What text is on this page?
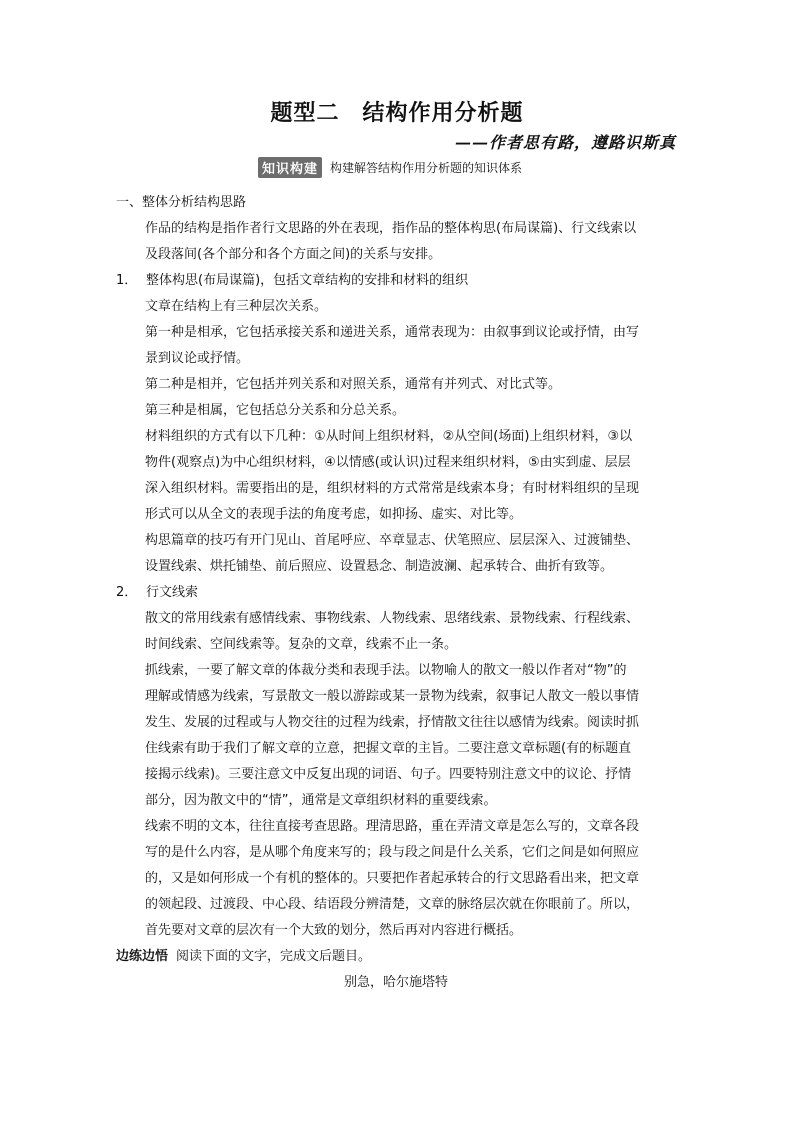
题型二　结构作用分析题
——作者思有路，遵路识斯真
知识构建	构建解答结构作用分析题的知识体系

一、整体分析结构思路

作品的结构是指作者行文思路的外在表现，指作品的整体构思(布局谋篇)、行文线索以

及段落间(各个部分和各个方面之间)的关系与安排。

1． 整体构思(布局谋篇)，包括文章结构的安排和材料的组织

文章在结构上有三种层次关系。

第一种是相承，它包括承接关系和递进关系，通常表现为：由叙事到议论或抒情，由写

景到议论或抒情。

第二种是相并，它包括并列关系和对照关系，通常有并列式、对比式等。

第三种是相属，它包括总分关系和分总关系。

材料组织的方式有以下几种：①从时间上组织材料，②从空间(场面)上组织材料，③以

物件(观察点)为中心组织材料，④以情感(或认识)过程来组织材料，⑤由实到虚、层层

深入组织材料。需要指出的是，组织材料的方式常常是线索本身；有时材料组织的呈现

形式可以从全文的表现手法的角度考虑，如抑扬、虚实、对比等。

构思篇章的技巧有开门见山、首尾呼应、卒章显志、伏笔照应、层层深入、过渡铺垫、

设置线索、烘托铺垫、前后照应、设置悬念、制造波澜、起承转合、曲折有致等。

2． 行文线索

散文的常用线索有感情线索、事物线索、人物线索、思绪线索、景物线索、行程线索、

时间线索、空间线索等。复杂的文章，线索不止一条。

抓线索，一要了解文章的体裁分类和表现手法。以物喻人的散文一般以作者对“物”的

理解或情感为线索，写景散文一般以游踪或某一景物为线索，叙事记人散文一般以事情

发生、发展的过程或与人物交往的过程为线索，抒情散文往往以感情为线索。阅读时抓

住线索有助于我们了解文章的立意，把握文章的主旨。二要注意文章标题(有的标题直

接揭示线索)。三要注意文中反复出现的词语、句子。四要特别注意文中的议论、抒情

部分，因为散文中的“情”，通常是文章组织材料的重要线索。

线索不明的文本，往往直接考查思路。理清思路，重在弄清文章是怎么写的，文章各段

写的是什么内容，是从哪个角度来写的；段与段之间是什么关系，它们之间是如何照应

的，又是如何形成一个有机的整体的。只要把作者起承转合的行文思路看出来，把文章

的领起段、过渡段、中心段、结语段分辨清楚，文章的脉络层次就在你眼前了。所以，

首先要对文章的层次有一个大致的划分，然后再对内容进行概括。

边练边悟 阅读下面的文字，完成文后题目。

别急，哈尔施塔特
